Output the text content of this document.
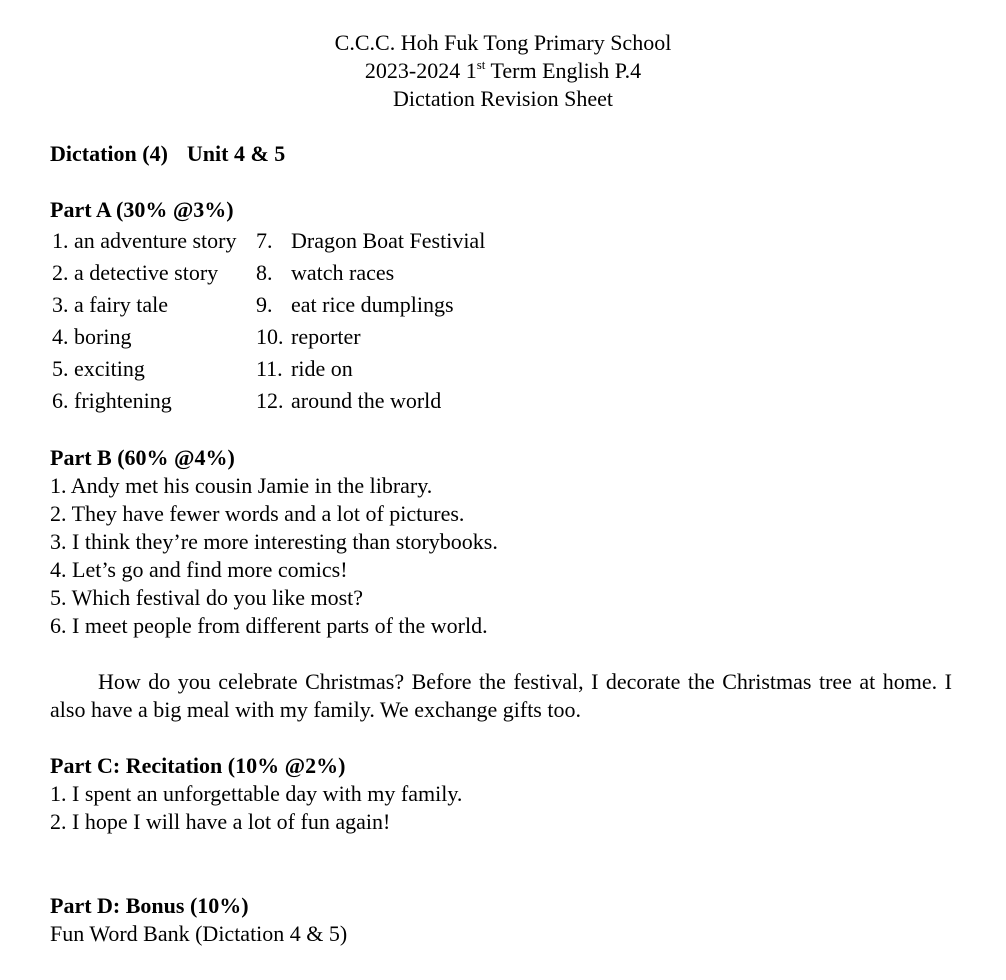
C.C.C. Hoh Fuk Tong Primary School
2023-2024 1st Term English P.4
Dictation Revision Sheet
Dictation (4) Unit 4 & 5
Part A (30% @3%)
1. an adventure story
2. a detective story
3. a fairy tale
4. boring
5. exciting
6. frightening
7. Dragon Boat Festivial
8. watch races
9. eat rice dumplings
10. reporter
11. ride on
12. around the world
Part B (60% @4%)
1. Andy met his cousin Jamie in the library.
2. They have fewer words and a lot of pictures.
3. I think they’re more interesting than storybooks.
4. Let’s go and find more comics!
5. Which festival do you like most?
6. I meet people from different parts of the world.
How do you celebrate Christmas? Before the festival, I decorate the Christmas tree at home. I also have a big meal with my family. We exchange gifts too.
Part C: Recitation (10% @2%)
1. I spent an unforgettable day with my family.
2. I hope I will have a lot of fun again!
Part D: Bonus (10%)
Fun Word Bank (Dictation 4 & 5)
